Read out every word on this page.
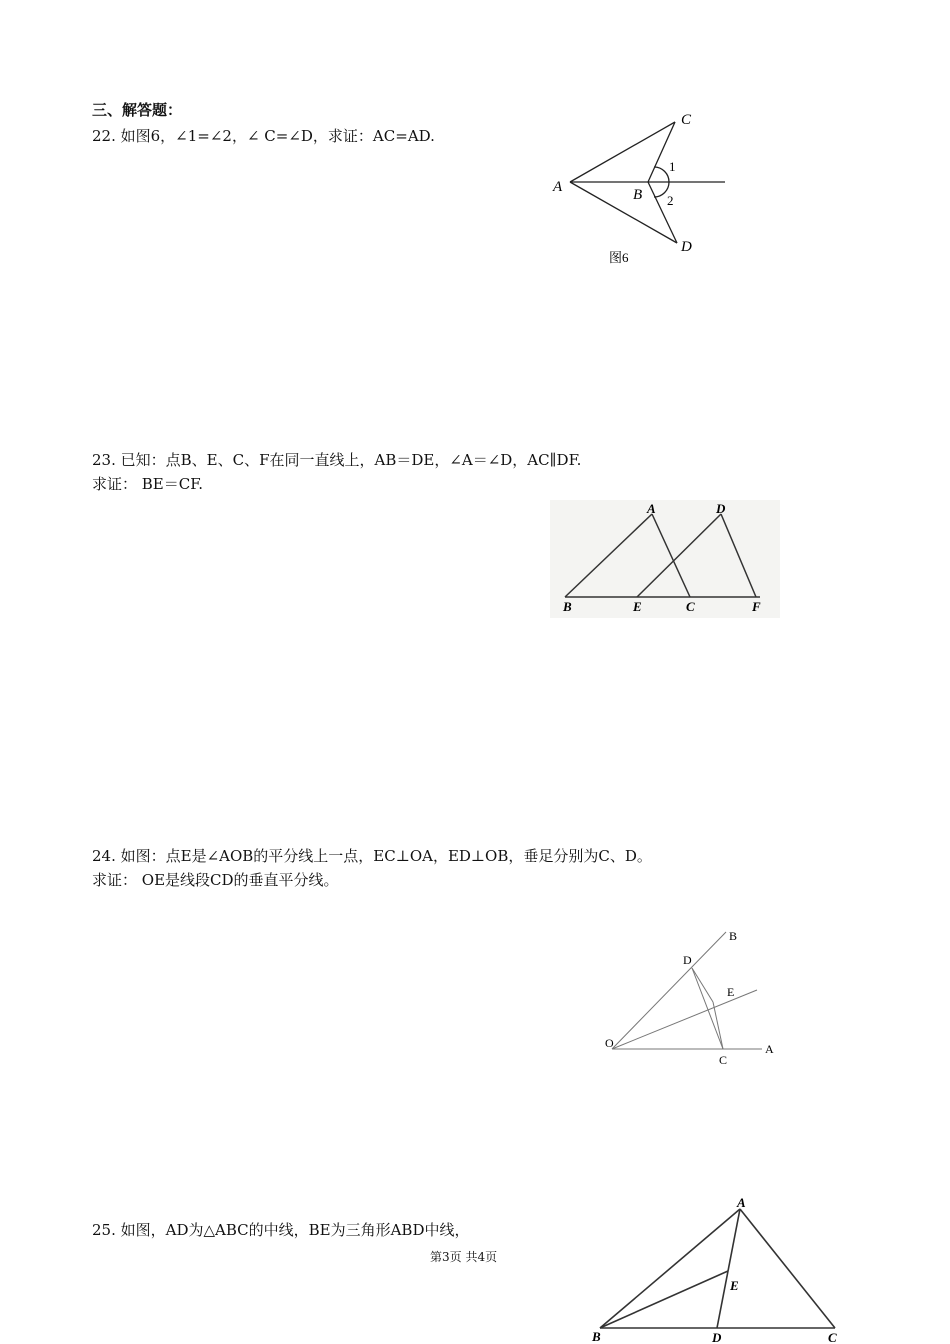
三、解答题：
22. 如图6，∠1=∠2，∠ C=∠D，求证：AC=AD.
C
A	B
D
1
2
图6
23. 已知：点B、E、C、F在同一直线上，AB＝DE，∠A＝∠D，AC∥DF.
求证： BE＝CF.
A	D
B	E	C	F
24. 如图：点E是∠AOB的平分线上一点，EC⊥OA，ED⊥OB，垂足分别为C、D。
求证： OE是线段CD的垂直平分线。
B
D
E
O
C
A
25. 如图，AD为△ABC的中线，BE为三角形ABD中线，
第3页 共4页
A
E
B	D	C
